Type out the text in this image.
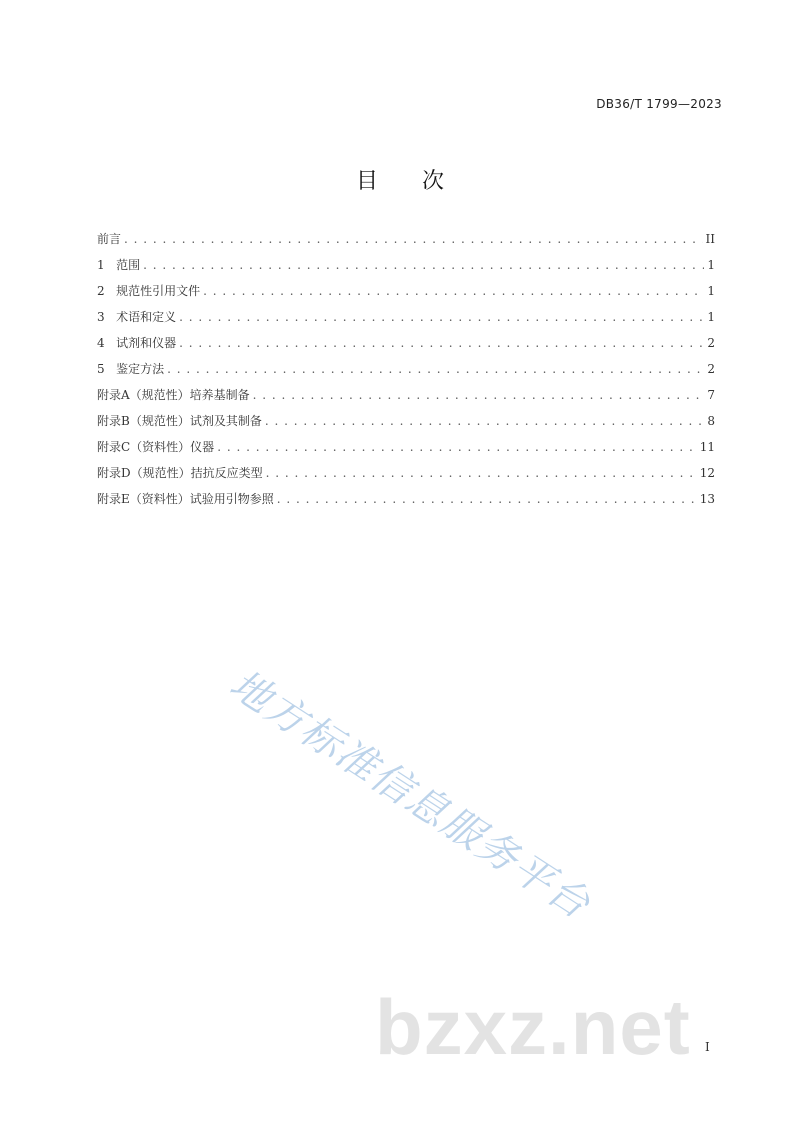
DB36/T 1799—2023
目次
前言 . . .	II
1   范围 . . .	1
2   规范性引用文件 . . .	1
3   术语和定义 . . .	1
4   试剂和仪器 . . .	2
5   鉴定方法 . . .	2
附录A（规范性）培养基制备 . . .	7
附录B（规范性）试剂及其制备 . . .	8
附录C（资料性）仪器 . . .	11
附录D（规范性）拮抗反应类型 . . .	12
附录E（资料性）试验用引物参照 . . .	13
地方标准信息服务平台
bzxz.net I
